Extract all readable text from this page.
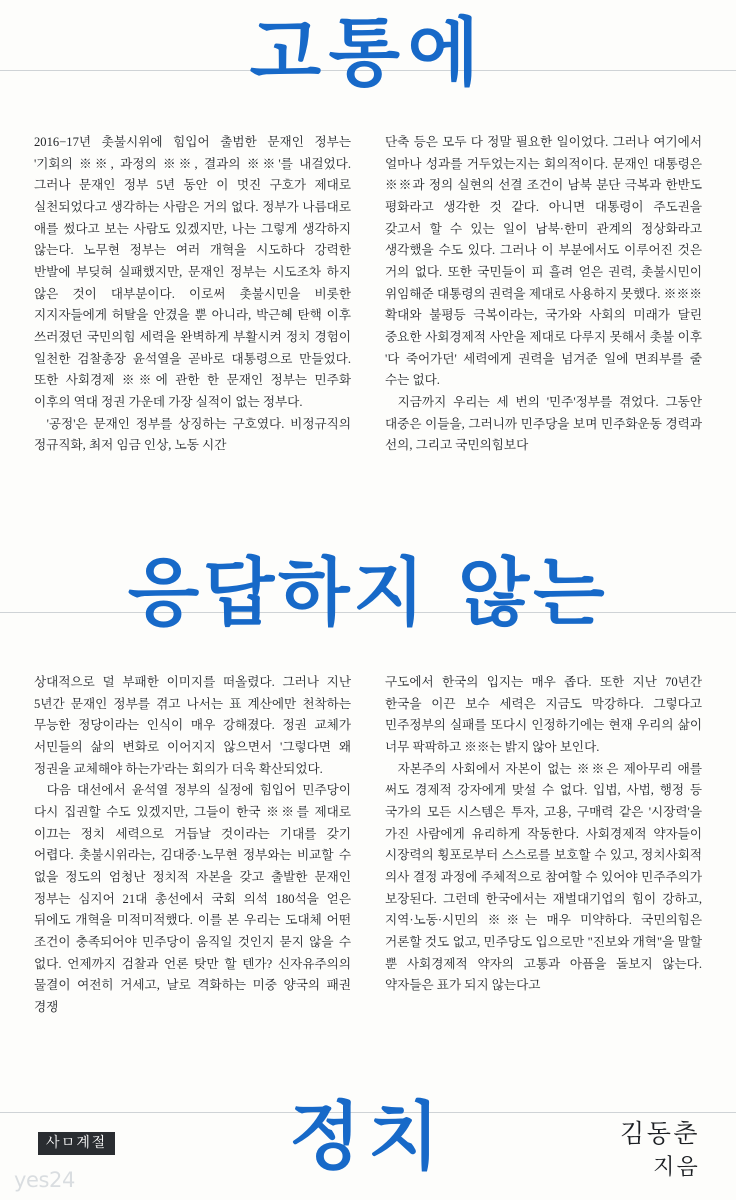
고통에
응답하지 않는
정치

2016−17년 촛불시위에 힘입어 출범한 문재인 정부는 '기회의 ※※, 과정의 ※※, 결과의 ※※'를 내걸었다. 그러나 문재인 정부 5년 동안 이 멋진 구호가 제대로 실천되었다고 생각하는 사람은 거의 없다. 정부가 나름대로 애를 썼다고 보는 사람도 있겠지만, 나는 그렇게 생각하지 않는다. 노무현 정부는 여러 개혁을 시도하다 강력한 반발에 부딪혀 실패했지만, 문재인 정부는 시도조차 하지 않은 것이 대부분이다. 이로써 촛불시민을 비롯한 지지자들에게 허탈을 안겼을 뿐 아니라, 박근혜 탄핵 이후 쓰러졌던 국민의힘 세력을 완벽하게 부활시켜 정치 경험이 일천한 검찰총장 윤석열을 곧바로 대통령으로 만들었다. 또한 사회경제 ※※에 관한 한 문재인 정부는 민주화 이후의 역대 정권 가운데 가장 실적이 없는 정부다.

'공정'은 문재인 정부를 상징하는 구호였다. 비정규직의 정규직화, 최저 임금 인상, 노동 시간

단축 등은 모두 다 정말 필요한 일이었다. 그러나 여기에서 얼마나 성과를 거두었는지는 회의적이다. 문재인 대통령은 ※※과 정의 실현의 선결 조건이 남북 분단 극복과 한반도 평화라고 생각한 것 같다. 아니면 대통령이 주도권을 갖고서 할 수 있는 일이 남북·한미 관계의 정상화라고 생각했을 수도 있다. 그러나 이 부분에서도 이루어진 것은 거의 없다. 또한 국민들이 피 흘려 얻은 권력, 촛불시민이 위임해준 대통령의 권력을 제대로 사용하지 못했다. ※※※ 확대와 불평등 극복이라는, 국가와 사회의 미래가 달린 중요한 사회경제적 사안을 제대로 다루지 못해서 촛불 이후 '다 죽어가던' 세력에게 권력을 넘겨준 일에 면죄부를 줄 수는 없다.

지금까지 우리는 세 번의 '민주'정부를 겪었다. 그동안 대중은 이들을, 그러니까 민주당을 보며 민주화운동 경력과 선의, 그리고 국민의힘보다

상대적으로 덜 부패한 이미지를 떠올렸다. 그러나 지난 5년간 문재인 정부를 겪고 나서는 표 계산에만 천착하는 무능한 정당이라는 인식이 매우 강해졌다. 정권 교체가 서민들의 삶의 변화로 이어지지 않으면서 '그렇다면 왜 정권을 교체해야 하는가'라는 회의가 더욱 확산되었다.

다음 대선에서 윤석열 정부의 실정에 힘입어 민주당이 다시 집권할 수도 있겠지만, 그들이 한국 ※※를 제대로 이끄는 정치 세력으로 거듭날 것이라는 기대를 갖기 어렵다. 촛불시위라는, 김대중·노무현 정부와는 비교할 수 없을 정도의 엄청난 정치적 자본을 갖고 출발한 문재인 정부는 심지어 21대 총선에서 국회 의석 180석을 얻은 뒤에도 개혁을 미적미적했다. 이를 본 우리는 도대체 어떤 조건이 충족되어야 민주당이 움직일 것인지 묻지 않을 수 없다. 언제까지 검찰과 언론 탓만 할 텐가? 신자유주의의 물결이 여전히 거세고, 날로 격화하는 미중 양국의 패권 경쟁

구도에서 한국의 입지는 매우 좁다. 또한 지난 70년간 한국을 이끈 보수 세력은 지금도 막강하다. 그렇다고 민주정부의 실패를 또다시 인정하기에는 현재 우리의 삶이 너무 팍팍하고 ※※는 밝지 않아 보인다.

자본주의 사회에서 자본이 없는 ※※은 제아무리 애를 써도 경제적 강자에게 맞설 수 없다. 입법, 사법, 행정 등 국가의 모든 시스템은 투자, 고용, 구매력 같은 '시장력'을 가진 사람에게 유리하게 작동한다. 사회경제적 약자들이 시장력의 횡포로부터 스스로를 보호할 수 있고, 정치사회적 의사 결정 과정에 주체적으로 참여할 수 있어야 민주주의가 보장된다. 그런데 한국에서는 재벌대기업의 힘이 강하고, 지역·노동·시민의 ※※는 매우 미약하다. 국민의힘은 거론할 것도 없고, 민주당도 입으로만 "진보와 개혁"을 말할 뿐 사회경제적 약자의 고통과 아픔을 돌보지 않는다. 약자들은 표가 되지 않는다고

사ㅁ계절	김동춘
지음
yes24
